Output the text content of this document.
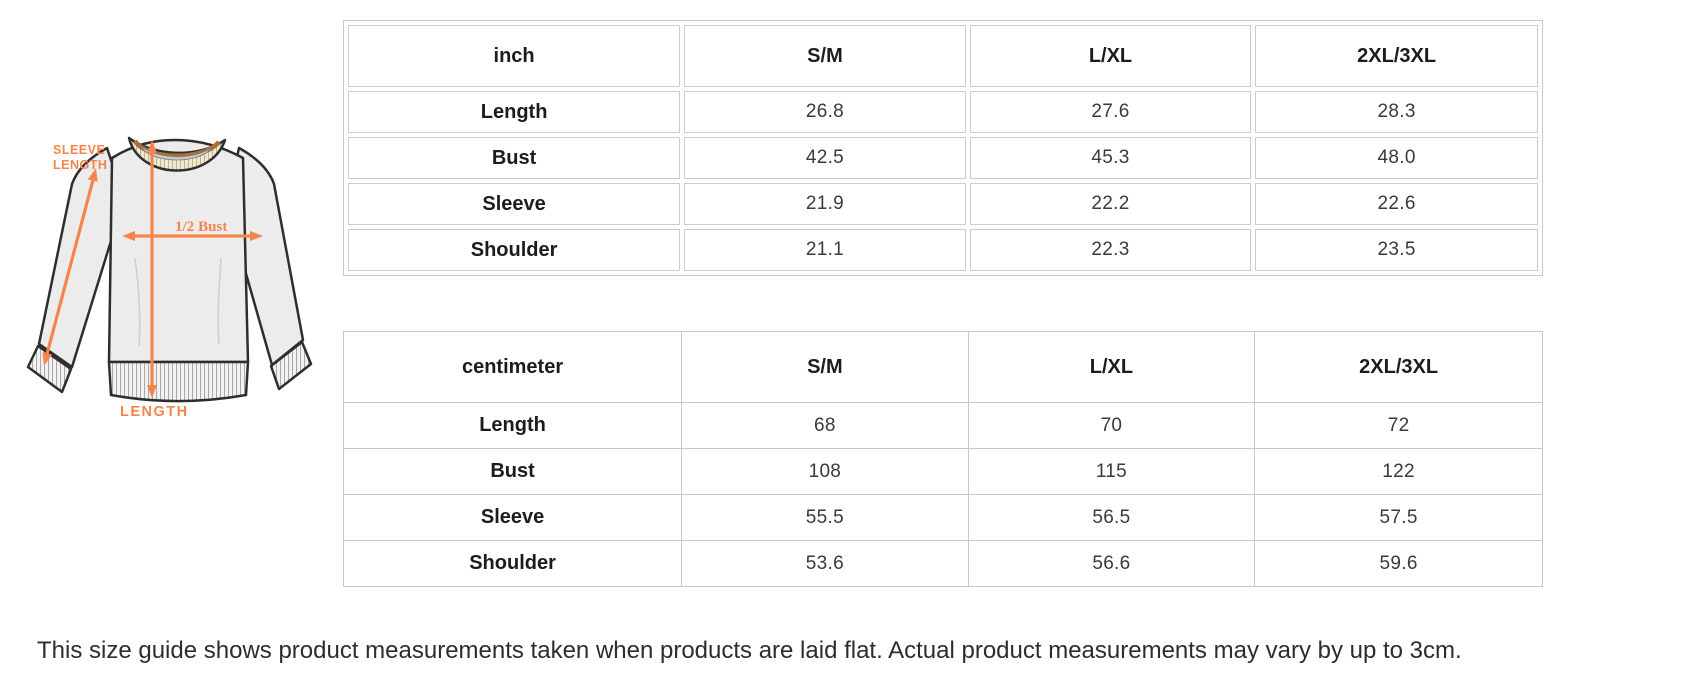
SLEEVE
LENGTH
1/2 Bust
LENGTH
inch	S/M	L/XL	2XL/3XL
Length	26.8	27.6	28.3
Bust	42.5	45.3	48.0
Sleeve	21.9	22.2	22.6
Shoulder	21.1	22.3	23.5
centimeter	S/M	L/XL	2XL/3XL
Length	68	70	72
Bust	108	115	122
Sleeve	55.5	56.5	57.5
Shoulder	53.6	56.6	59.6
This size guide shows product measurements taken when products are laid flat. Actual product measurements may vary by up to 3cm.
